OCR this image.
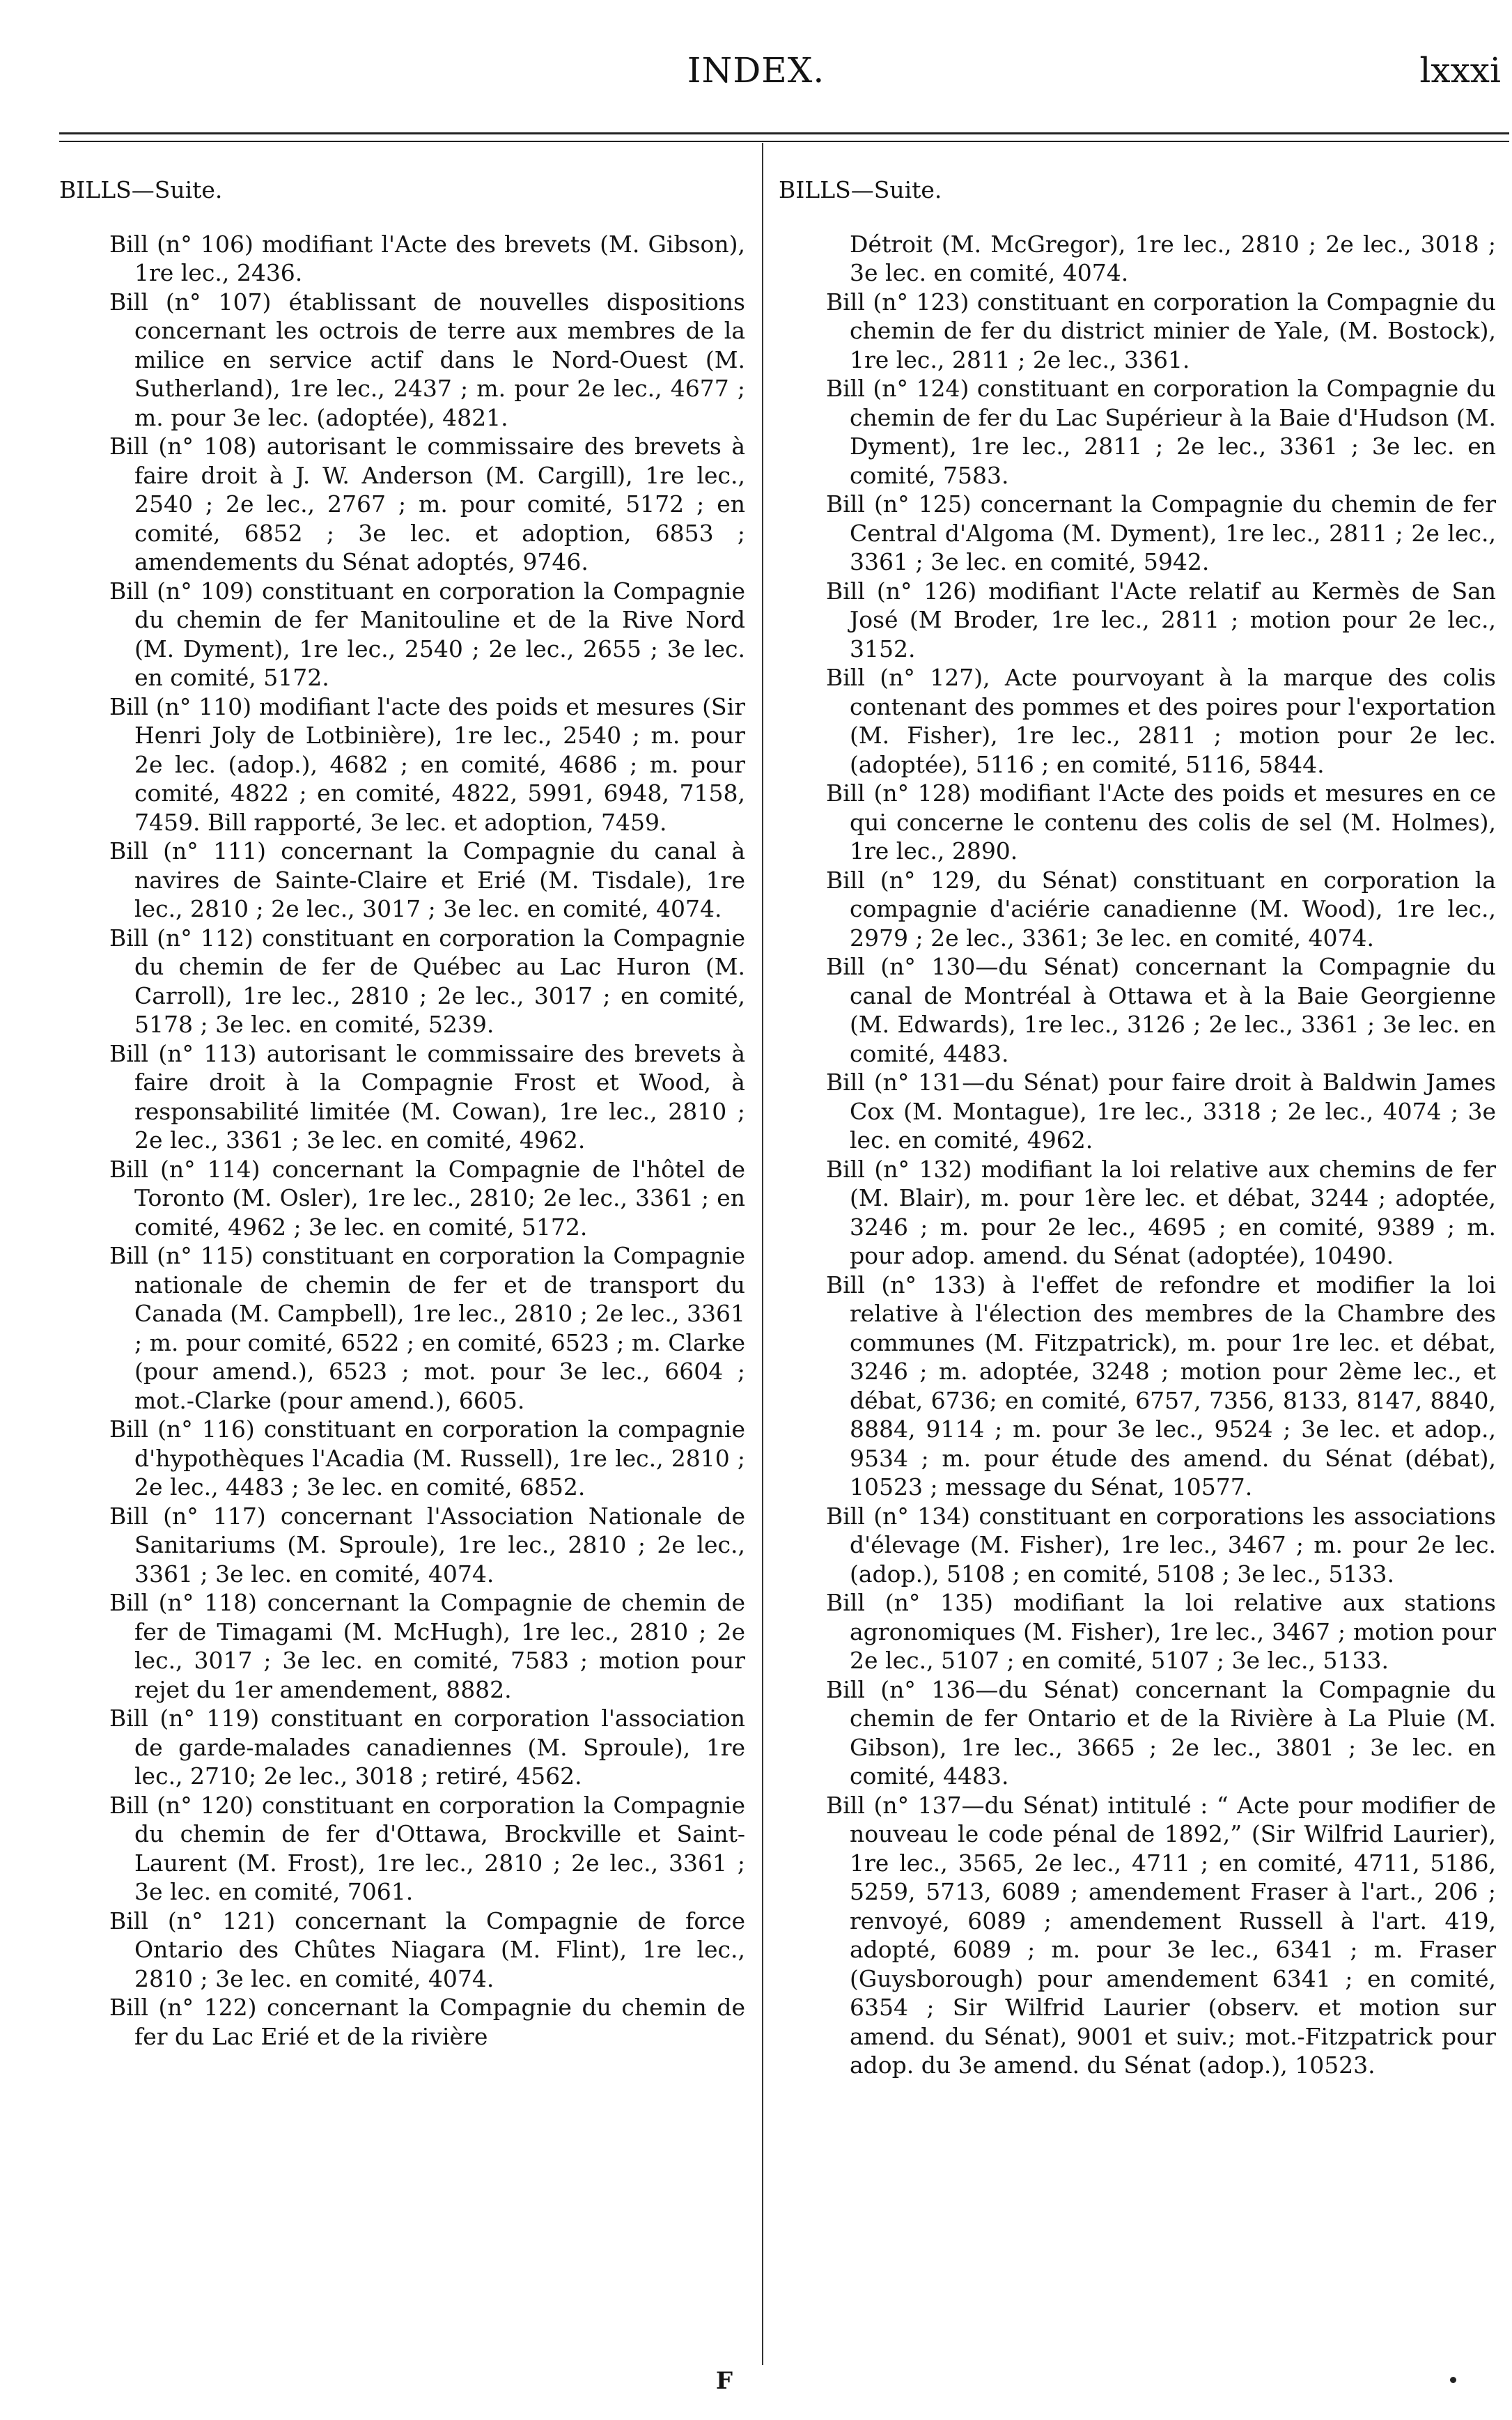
INDEX.	lxxxi
BILLS—Suite.
Bill (n° 106) modifiant l'Acte des brevets (M. Gibson), 1re lec., 2436.
Bill (n° 107) établissant de nouvelles dispositions concernant les octrois de terre aux membres de la milice en service actif dans le Nord-Ouest (M. Sutherland), 1re lec., 2437 ; m. pour 2e lec., 4677 ; m. pour 3e lec. (adoptée), 4821.
Bill (n° 108) autorisant le commissaire des brevets à faire droit à J. W. Anderson (M. Cargill), 1re lec., 2540 ; 2e lec., 2767 ; m. pour comité, 5172 ; en comité, 6852 ; 3e lec. et adoption, 6853 ; amendements du Sénat adoptés, 9746.
Bill (n° 109) constituant en corporation la Compagnie du chemin de fer Manitouline et de la Rive Nord (M. Dyment), 1re lec., 2540 ; 2e lec., 2655 ; 3e lec. en comité, 5172.
Bill (n° 110) modifiant l'acte des poids et mesures (Sir Henri Joly de Lotbinière), 1re lec., 2540 ; m. pour 2e lec. (adop.), 4682 ; en comité, 4686 ; m. pour comité, 4822 ; en comité, 4822, 5991, 6948, 7158, 7459. Bill rapporté, 3e lec. et adoption, 7459.
Bill (n° 111) concernant la Compagnie du canal à navires de Sainte-Claire et Erié (M. Tisdale), 1re lec., 2810 ; 2e lec., 3017 ; 3e lec. en comité, 4074.
Bill (n° 112) constituant en corporation la Compagnie du chemin de fer de Québec au Lac Huron (M. Carroll), 1re lec., 2810 ; 2e lec., 3017 ; en comité, 5178 ; 3e lec. en comité, 5239.
Bill (n° 113) autorisant le commissaire des brevets à faire droit à la Compagnie Frost et Wood, à responsabilité limitée (M. Cowan), 1re lec., 2810 ; 2e lec., 3361 ; 3e lec. en comité, 4962.
Bill (n° 114) concernant la Compagnie de l'hôtel de Toronto (M. Osler), 1re lec., 2810; 2e lec., 3361 ; en comité, 4962 ; 3e lec. en comité, 5172.
Bill (n° 115) constituant en corporation la Compagnie nationale de chemin de fer et de transport du Canada (M. Campbell), 1re lec., 2810 ; 2e lec., 3361 ; m. pour comité, 6522 ; en comité, 6523 ; m. Clarke (pour amend.), 6523 ; mot. pour 3e lec., 6604 ; mot.-Clarke (pour amend.), 6605.
Bill (n° 116) constituant en corporation la compagnie d'hypothèques l'Acadia (M. Russell), 1re lec., 2810 ; 2e lec., 4483 ; 3e lec. en comité, 6852.
Bill (n° 117) concernant l'Association Nationale de Sanitariums (M. Sproule), 1re lec., 2810 ; 2e lec., 3361 ; 3e lec. en comité, 4074.
Bill (n° 118) concernant la Compagnie de chemin de fer de Timagami (M. McHugh), 1re lec., 2810 ; 2e lec., 3017 ; 3e lec. en comité, 7583 ; motion pour rejet du 1er amendement, 8882.
Bill (n° 119) constituant en corporation l'association de garde-malades canadiennes (M. Sproule), 1re lec., 2710; 2e lec., 3018 ; retiré, 4562.
Bill (n° 120) constituant en corporation la Compagnie du chemin de fer d'Ottawa, Brockville et Saint-Laurent (M. Frost), 1re lec., 2810 ; 2e lec., 3361 ; 3e lec. en comité, 7061.
Bill (n° 121) concernant la Compagnie de force Ontario des Chûtes Niagara (M. Flint), 1re lec., 2810 ; 3e lec. en comité, 4074.
Bill (n° 122) concernant la Compagnie du chemin de fer du Lac Erié et de la rivière
BILLS—Suite.
Détroit (M. McGregor), 1re lec., 2810 ; 2e lec., 3018 ; 3e lec. en comité, 4074.
Bill (n° 123) constituant en corporation la Compagnie du chemin de fer du district minier de Yale, (M. Bostock), 1re lec., 2811 ; 2e lec., 3361.
Bill (n° 124) constituant en corporation la Compagnie du chemin de fer du Lac Supérieur à la Baie d'Hudson (M. Dyment), 1re lec., 2811 ; 2e lec., 3361 ; 3e lec. en comité, 7583.
Bill (n° 125) concernant la Compagnie du chemin de fer Central d'Algoma (M. Dyment), 1re lec., 2811 ; 2e lec., 3361 ; 3e lec. en comité, 5942.
Bill (n° 126) modifiant l'Acte relatif au Kermès de San José (M Broder, 1re lec., 2811 ; motion pour 2e lec., 3152.
Bill (n° 127), Acte pourvoyant à la marque des colis contenant des pommes et des poires pour l'exportation (M. Fisher), 1re lec., 2811 ; motion pour 2e lec. (adoptée), 5116 ; en comité, 5116, 5844.
Bill (n° 128) modifiant l'Acte des poids et mesures en ce qui concerne le contenu des colis de sel (M. Holmes), 1re lec., 2890.
Bill (n° 129, du Sénat) constituant en corporation la compagnie d'aciérie canadienne (M. Wood), 1re lec., 2979 ; 2e lec., 3361; 3e lec. en comité, 4074.
Bill (n° 130—du Sénat) concernant la Compagnie du canal de Montréal à Ottawa et à la Baie Georgienne (M. Edwards), 1re lec., 3126 ; 2e lec., 3361 ; 3e lec. en comité, 4483.
Bill (n° 131—du Sénat) pour faire droit à Baldwin James Cox (M. Montague), 1re lec., 3318 ; 2e lec., 4074 ; 3e lec. en comité, 4962.
Bill (n° 132) modifiant la loi relative aux chemins de fer (M. Blair), m. pour 1ère lec. et débat, 3244 ; adoptée, 3246 ; m. pour 2e lec., 4695 ; en comité, 9389 ; m. pour adop. amend. du Sénat (adoptée), 10490.
Bill (n° 133) à l'effet de refondre et modifier la loi relative à l'élection des membres de la Chambre des communes (M. Fitzpatrick), m. pour 1re lec. et débat, 3246 ; m. adoptée, 3248 ; motion pour 2ème lec., et débat, 6736; en comité, 6757, 7356, 8133, 8147, 8840, 8884, 9114 ; m. pour 3e lec., 9524 ; 3e lec. et adop., 9534 ; m. pour étude des amend. du Sénat (débat), 10523 ; message du Sénat, 10577.
Bill (n° 134) constituant en corporations les associations d'élevage (M. Fisher), 1re lec., 3467 ; m. pour 2e lec. (adop.), 5108 ; en comité, 5108 ; 3e lec., 5133.
Bill (n° 135) modifiant la loi relative aux stations agronomiques (M. Fisher), 1re lec., 3467 ; motion pour 2e lec., 5107 ; en comité, 5107 ; 3e lec., 5133.
Bill (n° 136—du Sénat) concernant la Compagnie du chemin de fer Ontario et de la Rivière à La Pluie (M. Gibson), 1re lec., 3665 ; 2e lec., 3801 ; 3e lec. en comité, 4483.
Bill (n° 137—du Sénat) intitulé : “ Acte pour modifier de nouveau le code pénal de 1892,” (Sir Wilfrid Laurier), 1re lec., 3565, 2e lec., 4711 ; en comité, 4711, 5186, 5259, 5713, 6089 ; amendement Fraser à l'art., 206 ; renvoyé, 6089 ; amendement Russell à l'art. 419, adopté, 6089 ; m. pour 3e lec., 6341 ; m. Fraser (Guysborough) pour amendement 6341 ; en comité, 6354 ; Sir Wilfrid Laurier (observ. et motion sur amend. du Sénat), 9001 et suiv.; mot.-Fitzpatrick pour adop. du 3e amend. du Sénat (adop.), 10523.
F
